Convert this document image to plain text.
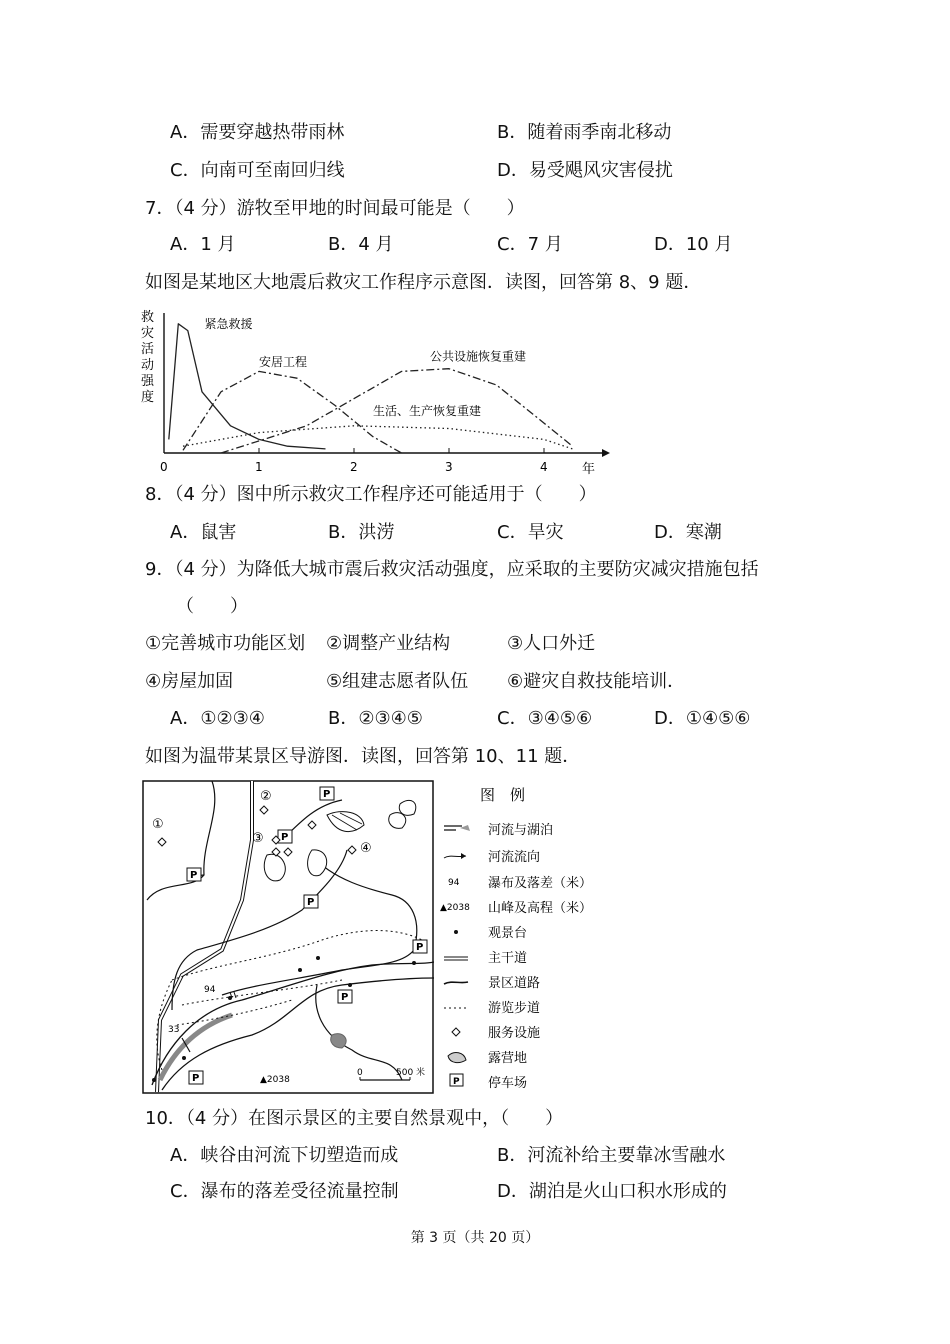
A．需要穿越热带雨林	B．随着雨季南北移动
C．向南可至南回归线	D．易受飓风灾害侵扰
7．（4 分）游牧至甲地的时间最可能是（　　）
A．1 月	B．4 月	C．7 月	D．10 月
如图是某地区大地震后救灾工作程序示意图．读图，回答第 8、9 题．
救
灾
活
动
强
度
紧急救援
安居工程	公共设施恢复重建
生活、生产恢复重建
0	1	2	3	4	年
8．（4 分）图中所示救灾工作程序还可能适用于（　　）
A．鼠害	B．洪涝	C．旱灾	D．寒潮
9．（4 分）为降低大城市震后救灾活动强度，应采取的主要防灾减灾措施包括
（　　）
①完善城市功能区划 ②调整产业结构	③人口外迁
④房屋加固	⑤组建志愿者队伍 ⑥避灾自救技能培训．
A．①②③④	B．②③④⑤	C．③④⑤⑥	D．①④⑤⑥
如图为温带某景区导游图．读图，回答第 10、11 题．
P
P
P
P
P
P
P
①
②
③
④
94
33
▲2038
0	500 米
图　例
94
▲2038
P
河流与湖泊
河流流向
瀑布及落差（米）
山峰及高程（米）
观景台
主干道
景区道路
游览步道
服务设施
露营地
停车场
10．（4 分）在图示景区的主要自然景观中，（　　）
A．峡谷由河流下切塑造而成	B．河流补给主要靠冰雪融水
C．瀑布的落差受径流量控制	D．湖泊是火山口积水形成的
第 3 页（共 20 页）
